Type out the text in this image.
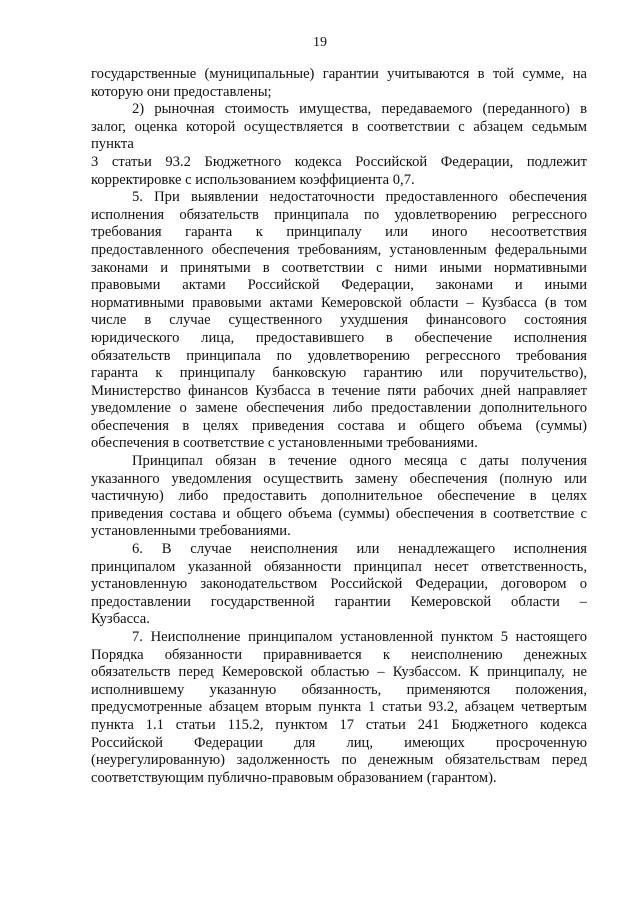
19
государственные (муниципальные) гарантии учитываются в той сумме, на
которую они предоставлены;
2) рыночная стоимость имущества, передаваемого (переданного) в
залог, оценка которой осуществляется в соответствии с абзацем седьмым
пункта
3 статьи 93.2 Бюджетного кодекса Российской Федерации, подлежит
корректировке с использованием коэффициента 0,7.
5. При выявлении недостаточности предоставленного обеспечения
исполнения обязательств принципала по удовлетворению регрессного
требования гаранта к принципалу или иного несоответствия
предоставленного обеспечения требованиям, установленным федеральными
законами и принятыми в соответствии с ними иными нормативными
правовыми актами Российской Федерации, законами и иными
нормативными правовыми актами Кемеровской области – Кузбасса (в том
числе в случае существенного ухудшения финансового состояния
юридического лица, предоставившего в обеспечение исполнения
обязательств принципала по удовлетворению регрессного требования
гаранта к принципалу банковскую гарантию или поручительство),
Министерство финансов Кузбасса в течение пяти рабочих дней направляет
уведомление о замене обеспечения либо предоставлении дополнительного
обеспечения в целях приведения состава и общего объема (суммы)
обеспечения в соответствие с установленными требованиями.
Принципал обязан в течение одного месяца с даты получения
указанного уведомления осуществить замену обеспечения (полную или
частичную) либо предоставить дополнительное обеспечение в целях
приведения состава и общего объема (суммы) обеспечения в соответствие с
установленными требованиями.
6. В случае неисполнения или ненадлежащего исполнения
принципалом указанной обязанности принципал несет ответственность,
установленную законодательством Российской Федерации, договором о
предоставлении государственной гарантии Кемеровской области –
Кузбасса.
7. Неисполнение принципалом установленной пунктом 5 настоящего
Порядка обязанности приравнивается к неисполнению денежных
обязательств перед Кемеровской областью – Кузбассом. К принципалу, не
исполнившему указанную обязанность, применяются положения,
предусмотренные абзацем вторым пункта 1 статьи 93.2, абзацем четвертым
пункта 1.1 статьи 115.2, пунктом 17 статьи 241 Бюджетного кодекса
Российской Федерации для лиц, имеющих просроченную
(неурегулированную) задолженность по денежным обязательствам перед
соответствующим публично-правовым образованием (гарантом).
